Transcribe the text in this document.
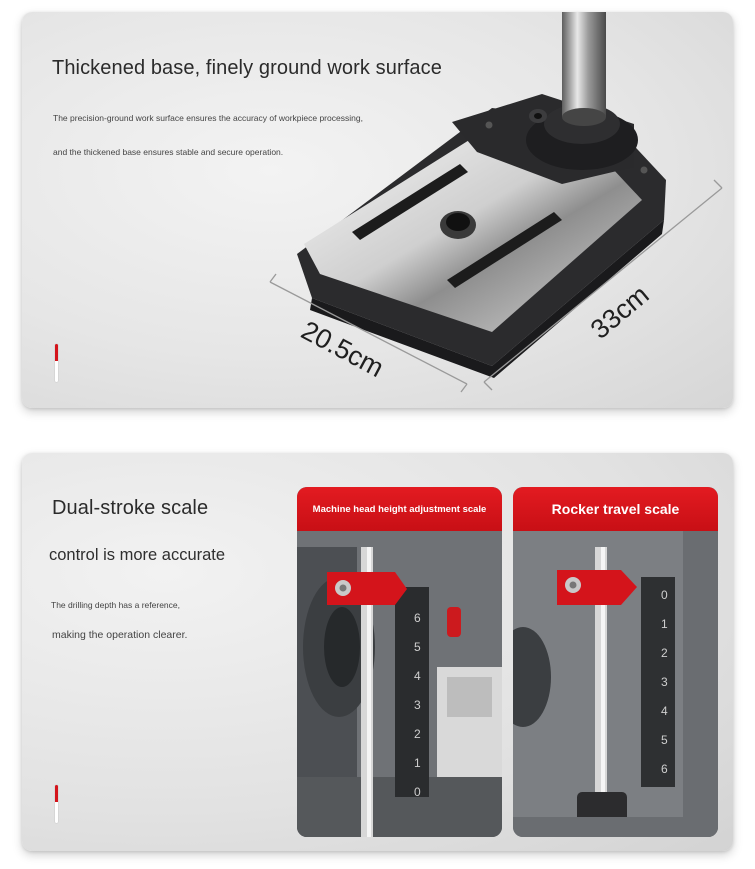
Thickened base, finely ground work surface
The precision-ground work surface ensures the accuracy of workpiece processing,
and the thickened base ensures stable and secure operation.
20.5cm
33cm
Dual-stroke scale
control is more accurate
The drilling depth has a reference,
making the operation clearer.
Machine head height adjustment scale
6
5
4
3
2
1
0
Rocker travel scale
0
1
2
3
4
5
6
